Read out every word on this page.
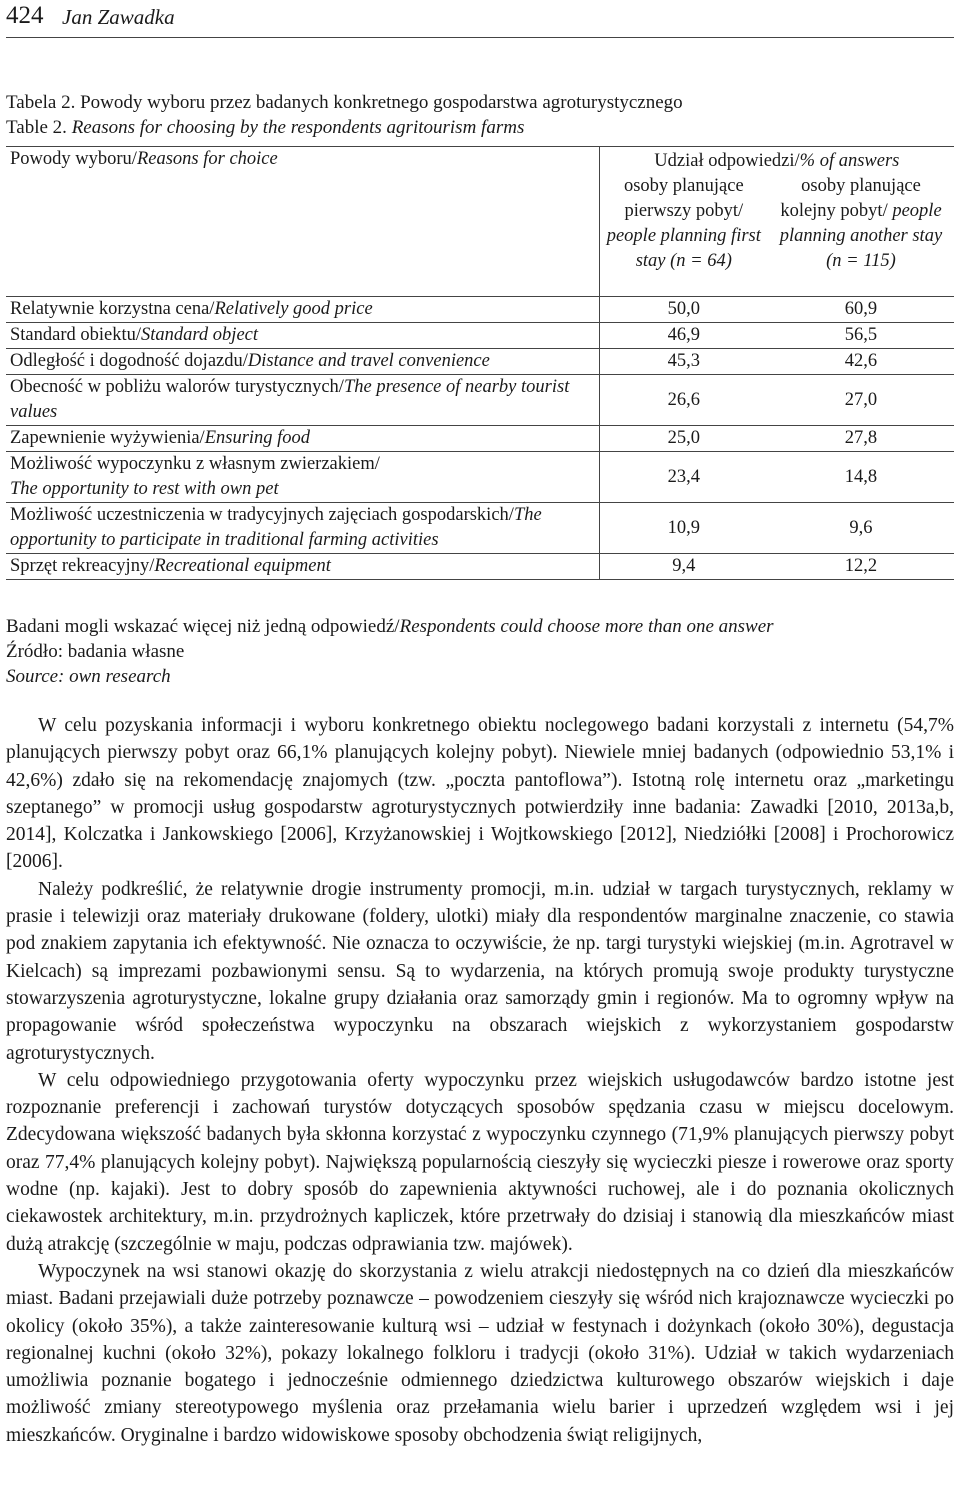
424 Jan Zawadka
Tabela 2. Powody wyboru przez badanych konkretnego gospodarstwa agroturystycznego
Table 2. Reasons for choosing by the respondents agritourism farms
Powody wyboru/Reasons for choice	Udział odpowiedzi/% of answers	
	osoby planujące pierwszy pobyt/ people planning first stay (n = 64)	osoby planujące kolejny pobyt/ people planning another stay (n = 115)
Relatywnie korzystna cena/Relatively good price	50,0	60,9
Standard obiektu/Standard object	46,9	56,5
Odległość i dogodność dojazdu/Distance and travel convenience	45,3	42,6
Obecność w pobliżu walorów turystycznych/The presence of nearby tourist values	26,6	27,0
Zapewnienie wyżywienia/Ensuring food	25,0	27,8
Możliwość wypoczynku z własnym zwierzakiem/
The opportunity to rest with own pet	23,4	14,8
Możliwość uczestniczenia w tradycyjnych zajęciach gospodarskich/The opportunity to participate in traditional farming activities	10,9	9,6
Sprzęt rekreacyjny/Recreational equipment	9,4	12,2
Badani mogli wskazać więcej niż jedną odpowiedź/Respondents could choose more than one answer
Źródło: badania własne
Source: own research

W celu pozyskania informacji i wyboru konkretnego obiektu noclegowego badani korzystali z internetu (54,7% planujących pierwszy pobyt oraz 66,1% planujących kolejny pobyt). Niewiele mniej badanych (odpowiednio 53,1% i 42,6%) zdało się na rekomendację znajomych (tzw. „poczta pantoflowa”). Istotną rolę internetu oraz „marketingu szeptanego” w promocji usług gospodarstw agroturystycznych potwierdziły inne badania: Zawadki [2010, 2013a,b, 2014], Kolczatka i Jankowskiego [2006], Krzyżanowskiej i Wojtkowskiego [2012], Niedziółki [2008] i Prochorowicz [2006].

Należy podkreślić, że relatywnie drogie instrumenty promocji, m.in. udział w targach turystycznych, reklamy w prasie i telewizji oraz materiały drukowane (foldery, ulotki) miały dla respondentów marginalne znaczenie, co stawia pod znakiem zapytania ich efektywność. Nie oznacza to oczywiście, że np. targi turystyki wiejskiej (m.in. Agrotravel w Kielcach) są imprezami pozbawionymi sensu. Są to wydarzenia, na których promują swoje produkty turystyczne stowarzyszenia agroturystyczne, lokalne grupy działania oraz samorządy gmin i regionów. Ma to ogromny wpływ na propagowanie wśród społeczeństwa wypoczynku na obszarach wiejskich z wykorzystaniem gospodarstw agroturystycznych.

W celu odpowiedniego przygotowania oferty wypoczynku przez wiejskich usługodawców bardzo istotne jest rozpoznanie preferencji i zachowań turystów dotyczących sposobów spędzania czasu w miejscu docelowym. Zdecydowana większość badanych była skłonna korzystać z wypoczynku czynnego (71,9% planujących pierwszy pobyt oraz 77,4% planujących kolejny pobyt). Największą popularnością cieszyły się wycieczki piesze i rowerowe oraz sporty wodne (np. kajaki). Jest to dobry sposób do zapewnienia aktywności ruchowej, ale i do poznania okolicznych ciekawostek architektury, m.in. przydrożnych kapliczek, które przetrwały do dzisiaj i stanowią dla mieszkańców miast dużą atrakcję (szczególnie w maju, podczas odprawiania tzw. majówek).

Wypoczynek na wsi stanowi okazję do skorzystania z wielu atrakcji niedostępnych na co dzień dla mieszkańców miast. Badani przejawiali duże potrzeby poznawcze – powodzeniem cieszyły się wśród nich krajoznawcze wycieczki po okolicy (około 35%), a także zainteresowanie kulturą wsi – udział w festynach i dożynkach (około 30%), degustacja regionalnej kuchni (około 32%), pokazy lokalnego folkloru i tradycji (około 31%). Udział w takich wydarzeniach umożliwia poznanie bogatego i jednocześnie odmiennego dziedzictwa kulturowego obszarów wiejskich i daje możliwość zmiany stereotypowego myślenia oraz przełamania wielu barier i uprzedzeń względem wsi i jej mieszkańców. Oryginalne i bardzo widowiskowe sposoby obchodzenia świąt religijnych,
